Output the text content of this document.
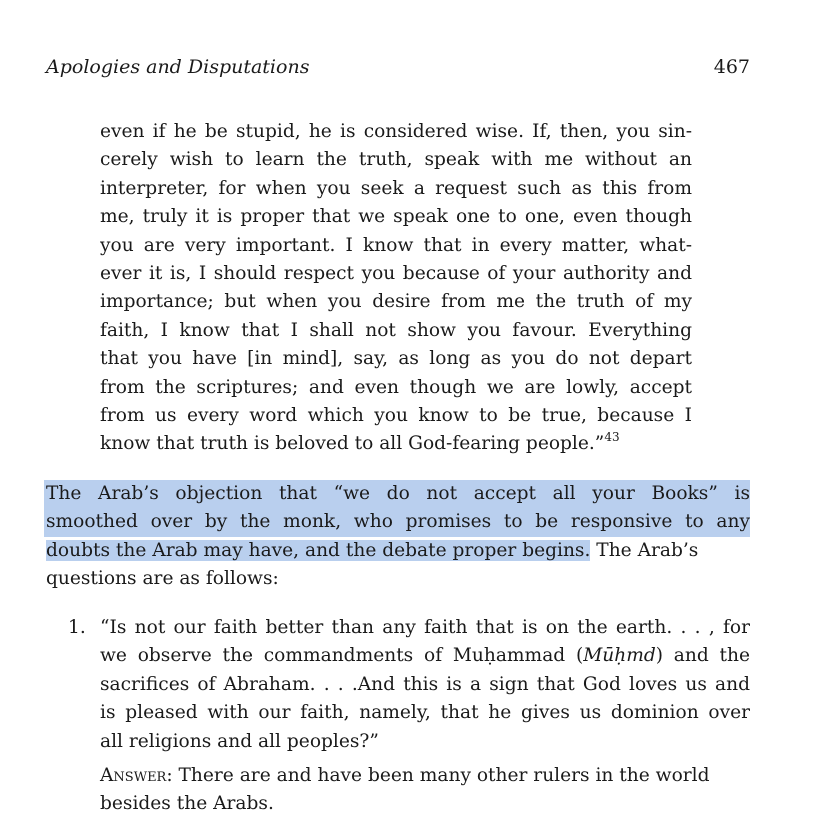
Apologies and Disputations	467
even if he be stupid, he is considered wise. If, then, you sin-
cerely wish to learn the truth, speak with me without an
interpreter, for when you seek a request such as this from
me, truly it is proper that we speak one to one, even though
you are very important. I know that in every matter, what-
ever it is, I should respect you because of your authority and
importance; but when you desire from me the truth of my
faith, I know that I shall not show you favour. Everything
that you have [in mind], say, as long as you do not depart
from the scriptures; and even though we are lowly, accept
from us every word which you know to be true, because I
know that truth is beloved to all God-fearing people.”$^{43}$
The Arab’s objection that “we do not accept all your Books” is
smoothed over by the monk, who promises to be responsive to any
doubts the Arab may have, and the debate proper begins. The Arab’s
questions are as follows:
1. “Is not our faith better than any faith that is on the earth. . . , for
we observe the commandments of Muḥammad (Mūḥmd) and the
sacrifices of Abraham. . . .And this is a sign that God loves us and
is pleased with our faith, namely, that he gives us dominion over
all religions and all peoples?”
Answer: There are and have been many other rulers in the world
besides the Arabs.
